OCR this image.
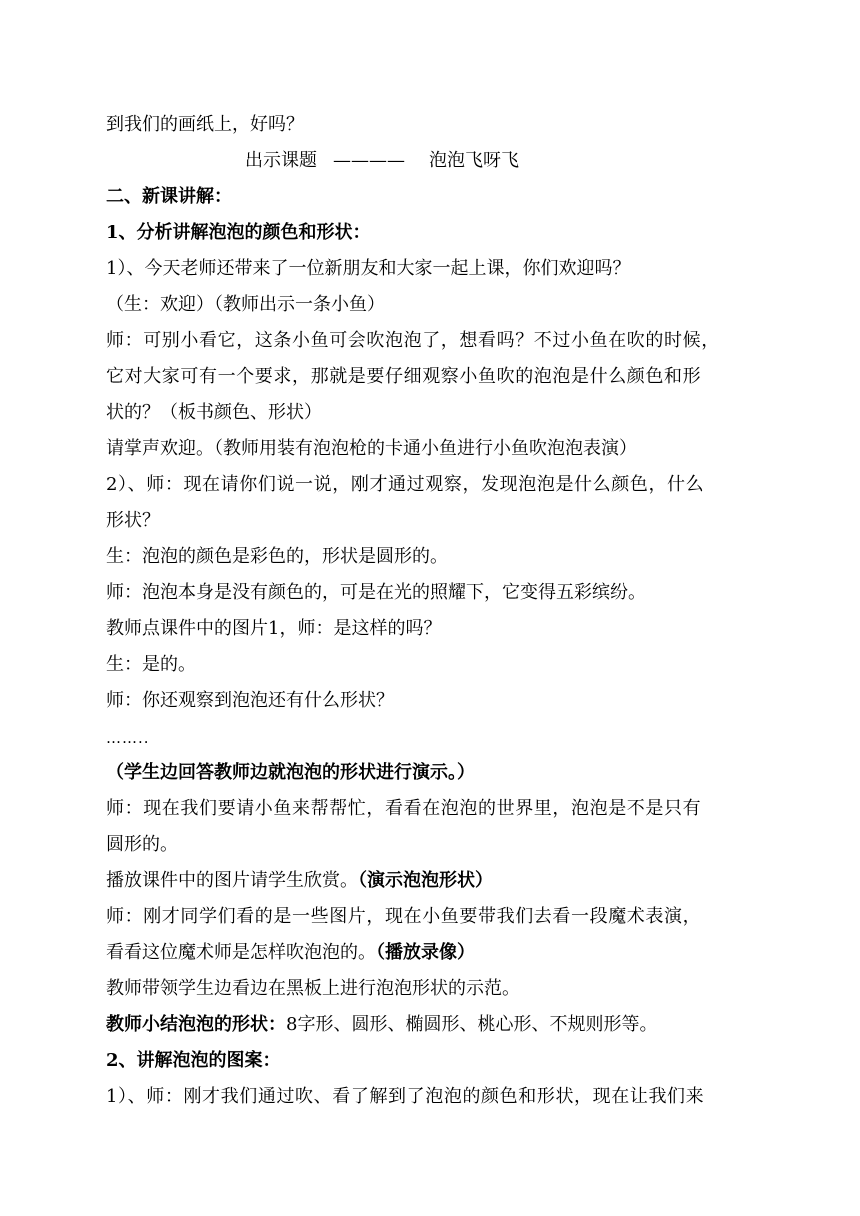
到我们的画纸上，好吗？
出示课题 ———— 泡泡飞呀飞
二、新课讲解：
1、分析讲解泡泡的颜色和形状：
1）、今天老师还带来了一位新朋友和大家一起上课，你们欢迎吗？
（生：欢迎）（教师出示一条小鱼）
师：可别小看它，这条小鱼可会吹泡泡了，想看吗？不过小鱼在吹的时候，
它对大家可有一个要求，那就是要仔细观察小鱼吹的泡泡是什么颜色和形
状的？（板书颜色、形状）
请掌声欢迎。（教师用装有泡泡枪的卡通小鱼进行小鱼吹泡泡表演）
2）、师：现在请你们说一说，刚才通过观察，发现泡泡是什么颜色，什么
形状？
生：泡泡的颜色是彩色的，形状是圆形的。
师：泡泡本身是没有颜色的，可是在光的照耀下，它变得五彩缤纷。
教师点课件中的图片1，师：是这样的吗？
生：是的。
师：你还观察到泡泡还有什么形状？
……..
（学生边回答教师边就泡泡的形状进行演示。）
师：现在我们要请小鱼来帮帮忙，看看在泡泡的世界里，泡泡是不是只有
圆形的。
播放课件中的图片请学生欣赏。（演示泡泡形状）
师：刚才同学们看的是一些图片，现在小鱼要带我们去看一段魔术表演，
看看这位魔术师是怎样吹泡泡的。（播放录像）
教师带领学生边看边在黑板上进行泡泡形状的示范。
教师小结泡泡的形状：8字形、圆形、椭圆形、桃心形、不规则形等。
2、讲解泡泡的图案：
1）、师：刚才我们通过吹、看了解到了泡泡的颜色和形状，现在让我们来
